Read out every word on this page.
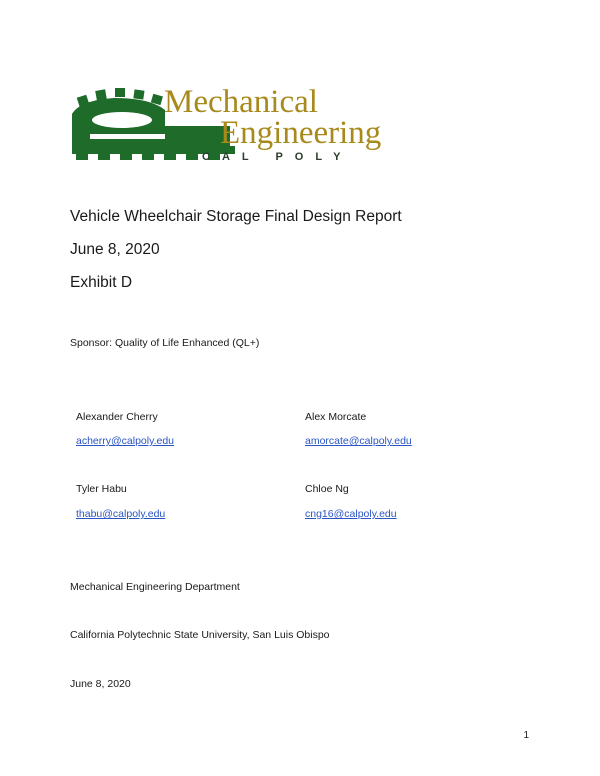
Mechanical
Engineering
CAL POLY
Vehicle Wheelchair Storage Final Design Report
June 8, 2020
Exhibit D
Sponsor: Quality of Life Enhanced (QL+)
Alexander Cherry
acherry@calpoly.edu
Alex Morcate
amorcate@calpoly.edu
Tyler Habu
thabu@calpoly.edu
Chloe Ng
cng16@calpoly.edu
Mechanical Engineering Department
California Polytechnic State University, San Luis Obispo
June 8, 2020
1
